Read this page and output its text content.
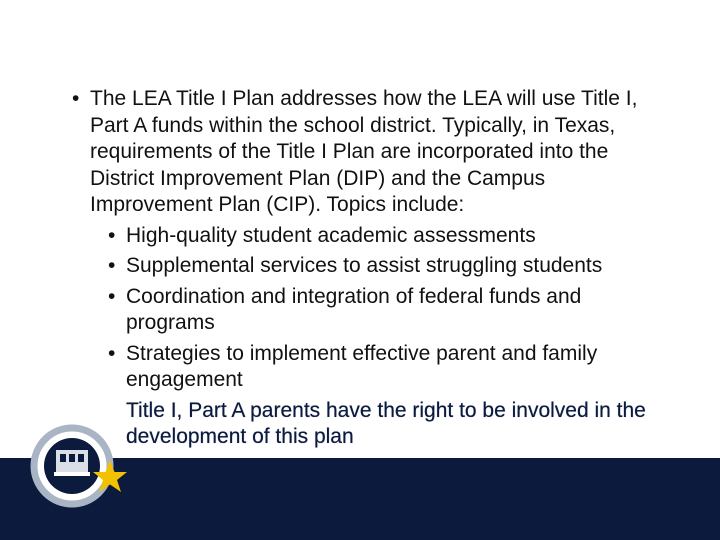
• The LEA Title I Plan addresses how the LEA will use Title I, Part A funds within the school district. Typically, in Texas, requirements of the Title I Plan are incorporated into the District Improvement Plan (DIP) and the Campus Improvement Plan (CIP). Topics include:
• High-quality student academic assessments
• Supplemental services to assist struggling students
• Coordination and integration of federal funds and programs
• Strategies to implement effective parent and family engagement
• Title I, Part A parents have the right to be involved in the development of this plan
